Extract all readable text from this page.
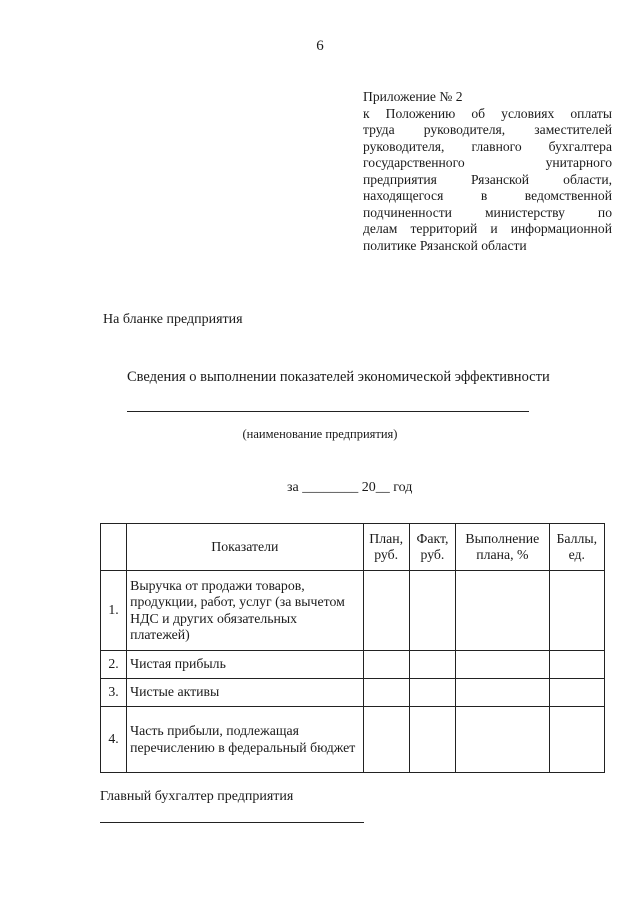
6
Приложение № 2
к Положению об условиях оплаты
труда руководителя, заместителей
руководителя, главного бухгалтера
государственного унитарного
предприятия Рязанской области,
находящегося в ведомственной
подчиненности министерству по
делам территорий и информационной
политике Рязанской области
На бланке предприятия
Сведения о выполнении показателей экономической эффективности
(наименование предприятия)
за ________ 20__ год
	Показатели	План, руб.	Факт, руб.	Выполнение плана, %	Баллы, ед.
1.	Выручка от продажи товаров, продукции, работ, услуг (за вычетом НДС и других обязательных платежей)				
2.	Чистая прибыль				
3.	Чистые активы				
4.	Часть прибыли, подлежащая перечислению в федеральный бюджет				
Главный бухгалтер предприятия
